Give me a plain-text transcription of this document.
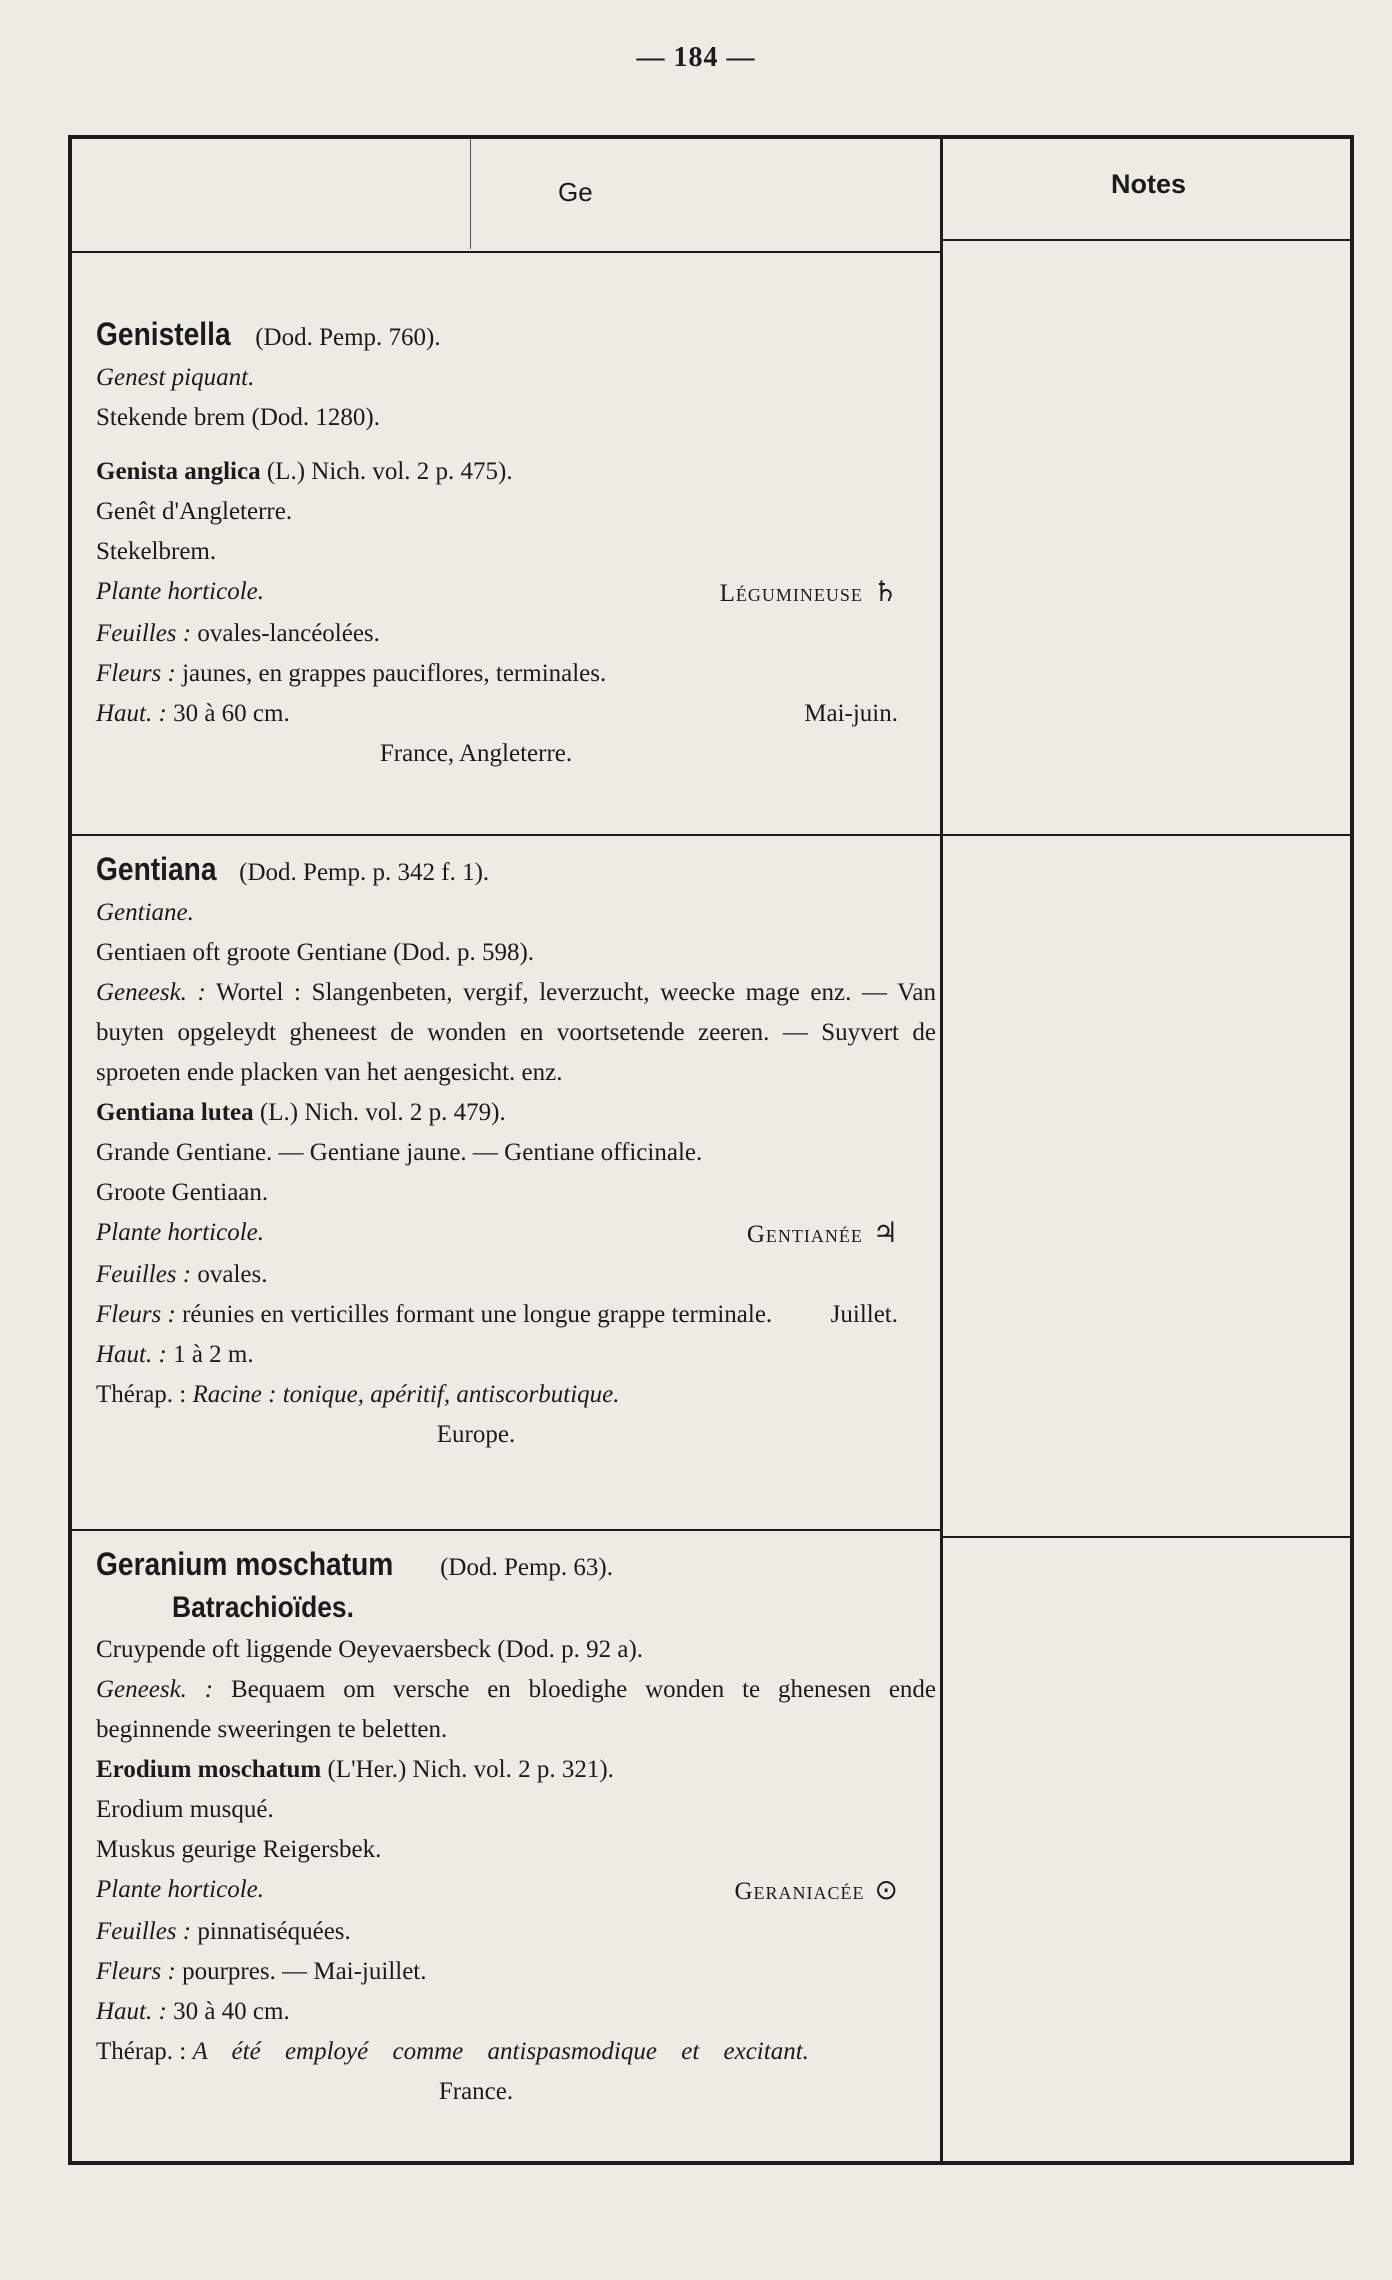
— 184 —
Ge	Notes
Genistella (Dod. Pemp. 760).
Genest piquant.
Stekende brem (Dod. 1280).
Genista anglica (L.) Nich. vol. 2 p. 475).
Genêt d'Angleterre.
Stekelbrem.
Plante horticole.	Légumineuse ♄
Feuilles : ovales-lancéolées.
Fleurs : jaunes, en grappes pauciflores, terminales.
Haut. : 30 à 60 cm.	Mai-juin.
France, Angleterre.
Gentiana (Dod. Pemp. p. 342 f. 1).
Gentiane.
Gentiaen oft groote Gentiane (Dod. p. 598).
Geneesk. : Wortel : Slangenbeten, vergif, leverzucht, weecke mage enz. — Van buyten opgeleydt gheneest de wonden en voortsetende zeeren. — Suyvert de sproeten ende placken van het aengesicht. enz.
Gentiana lutea (L.) Nich. vol. 2 p. 479).
Grande Gentiane. — Gentiane jaune. — Gentiane officinale.
Groote Gentiaan.
Plante horticole.	Gentianée ♃
Feuilles : ovales.
Fleurs : réunies en verticilles formant une longue grappe terminale.	Juillet.
Haut. : 1 à 2 m.
Thérap. : Racine : tonique, apéritif, antiscorbutique.
Europe.
Geranium moschatum (Dod. Pemp. 63).
Batrachioïdes.
Cruypende oft liggende Oeyevaersbeck (Dod. p. 92 a).
Geneesk. : Bequaem om versche en bloedighe wonden te ghenesen ende beginnende sweeringen te beletten.
Erodium moschatum (L'Her.) Nich. vol. 2 p. 321).
Erodium musqué.
Muskus geurige Reigersbek.
Plante horticole.	Geraniacée ⊙
Feuilles : pinnatiséquées.
Fleurs : pourpres. — Mai-juillet.
Haut. : 30 à 40 cm.
Thérap. : A été employé comme antispasmodique et excitant.
France.
